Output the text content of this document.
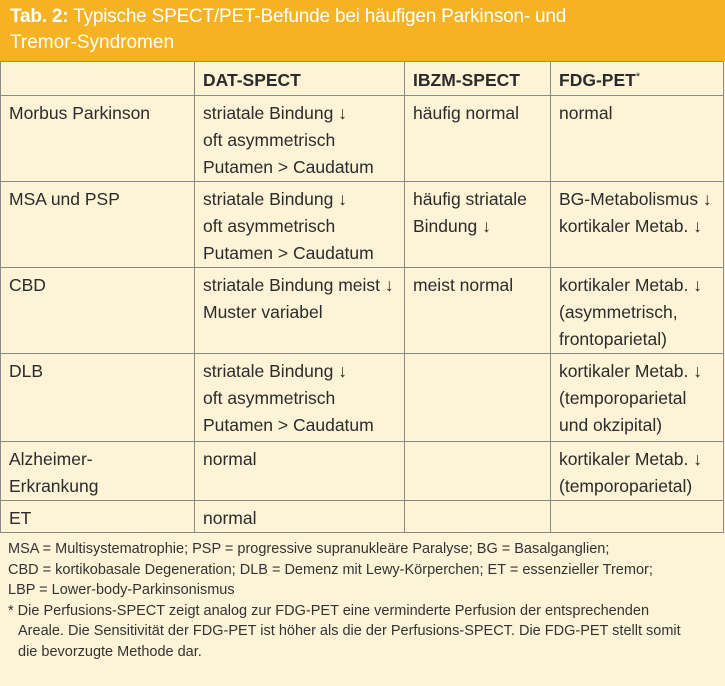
Tab. 2: Typische SPECT/PET-Befunde bei häufigen Parkinson- und
Tremor-Syndromen
	DAT-SPECT	IBZM-SPECT	FDG-PET*

Morbus Parkinson	striatale Bindung ↓
oft asymmetrisch
Putamen > Caudatum	häufig normal	normal

MSA und PSP	striatale Bindung ↓
oft asymmetrisch
Putamen > Caudatum	häufig striatale
Bindung ↓	BG-Metabolismus ↓
kortikaler Metab. ↓

CBD	striatale Bindung meist ↓
Muster variabel	meist normal	kortikaler Metab. ↓
(asymmetrisch,
frontoparietal)

DLB	striatale Bindung ↓
oft asymmetrisch
Putamen > Caudatum		kortikaler Metab. ↓
(temporoparietal
und okzipital)

Alzheimer-
Erkrankung	normal		kortikaler Metab. ↓
(temporoparietal)

ET	normal		

MSA = Multisystematrophie; PSP = progressive supranukleäre Paralyse; BG = Basalganglien;
CBD = kortikobasale Degeneration; DLB = Demenz mit Lewy-Körperchen; ET = essenzieller Tremor;
LBP = Lower-body-Parkinsonismus
* Die Perfusions-SPECT zeigt analog zur FDG-PET eine verminderte Perfusion der entsprechenden
Areale. Die Sensitivität der FDG-PET ist höher als die der Perfusions-SPECT. Die FDG-PET stellt somit
die bevorzugte Methode dar.
